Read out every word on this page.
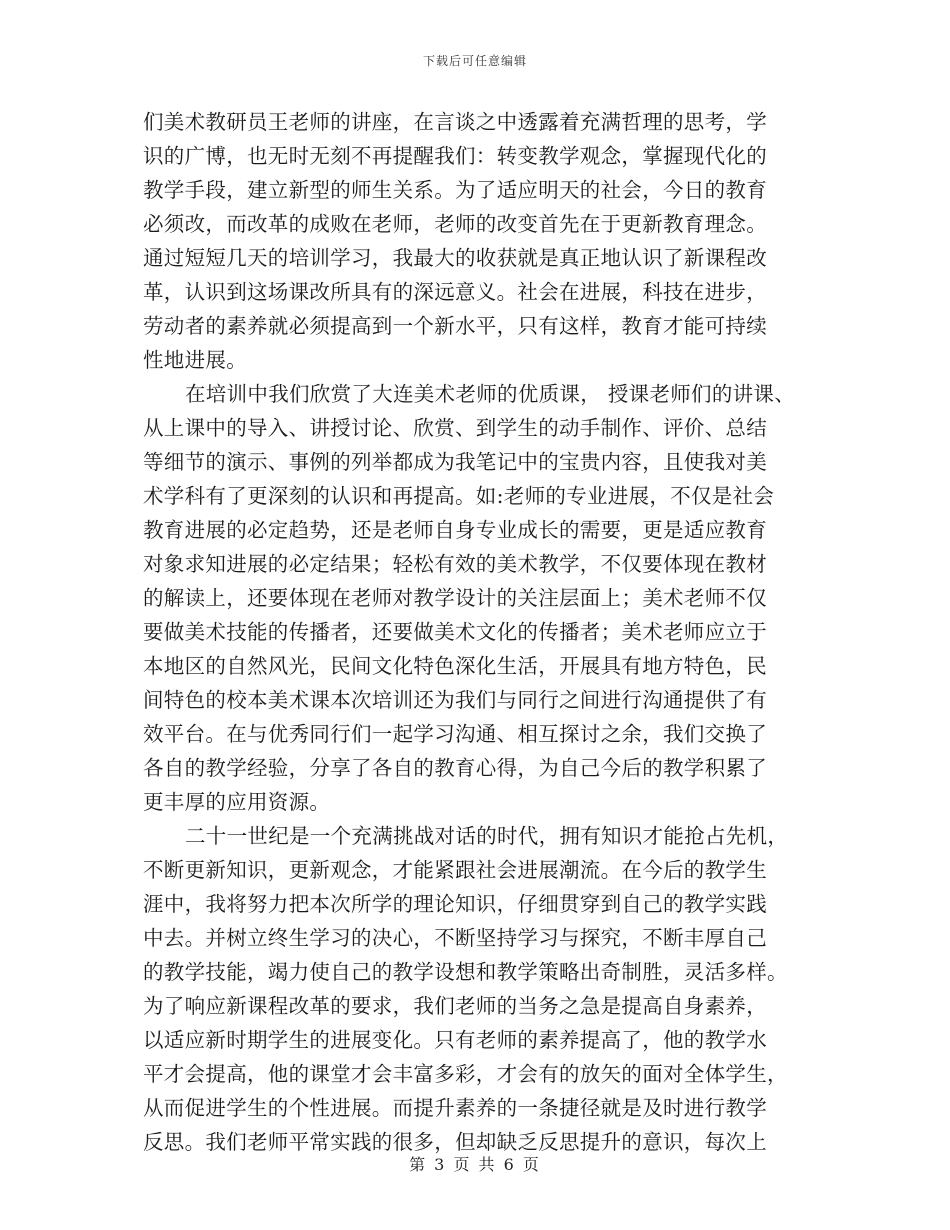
下载后可任意编辑
们美术教研员王老师的讲座，在言谈之中透露着充满哲理的思考，学
识的广博，也无时无刻不再提醒我们：转变教学观念，掌握现代化的
教学手段，建立新型的师生关系。为了适应明天的社会，今日的教育
必须改，而改革的成败在老师，老师的改变首先在于更新教育理念。
通过短短几天的培训学习，我最大的收获就是真正地认识了新课程改
革，认识到这场课改所具有的深远意义。社会在进展，科技在进步，
劳动者的素养就必须提高到一个新水平，只有这样，教育才能可持续
性地进展。
在培训中我们欣赏了大连美术老师的优质课， 授课老师们的讲课、
从上课中的导入、讲授讨论、欣赏、到学生的动手制作、评价、总结
等细节的演示、事例的列举都成为我笔记中的宝贵内容，且使我对美
术学科有了更深刻的认识和再提高。如:老师的专业进展，不仅是社会
教育进展的必定趋势，还是老师自身专业成长的需要，更是适应教育
对象求知进展的必定结果；轻松有效的美术教学，不仅要体现在教材
的解读上，还要体现在老师对教学设计的关注层面上；美术老师不仅
要做美术技能的传播者，还要做美术文化的传播者；美术老师应立于
本地区的自然风光，民间文化特色深化生活，开展具有地方特色，民
间特色的校本美术课本次培训还为我们与同行之间进行沟通提供了有
效平台。在与优秀同行们一起学习沟通、相互探讨之余，我们交换了
各自的教学经验，分享了各自的教育心得，为自己今后的教学积累了
更丰厚的应用资源。
二十一世纪是一个充满挑战对话的时代，拥有知识才能抢占先机，
不断更新知识，更新观念，才能紧跟社会进展潮流。在今后的教学生
涯中，我将努力把本次所学的理论知识，仔细贯穿到自己的教学实践
中去。并树立终生学习的决心，不断坚持学习与探究，不断丰厚自己
的教学技能，竭力使自己的教学设想和教学策略出奇制胜，灵活多样。
为了响应新课程改革的要求，我们老师的当务之急是提高自身素养，
以适应新时期学生的进展变化。只有老师的素养提高了，他的教学水
平才会提高，他的课堂才会丰富多彩，才会有的放矢的面对全体学生，
从而促进学生的个性进展。而提升素养的一条捷径就是及时进行教学
反思。我们老师平常实践的很多，但却缺乏反思提升的意识，每次上
第 3 页 共 6 页
